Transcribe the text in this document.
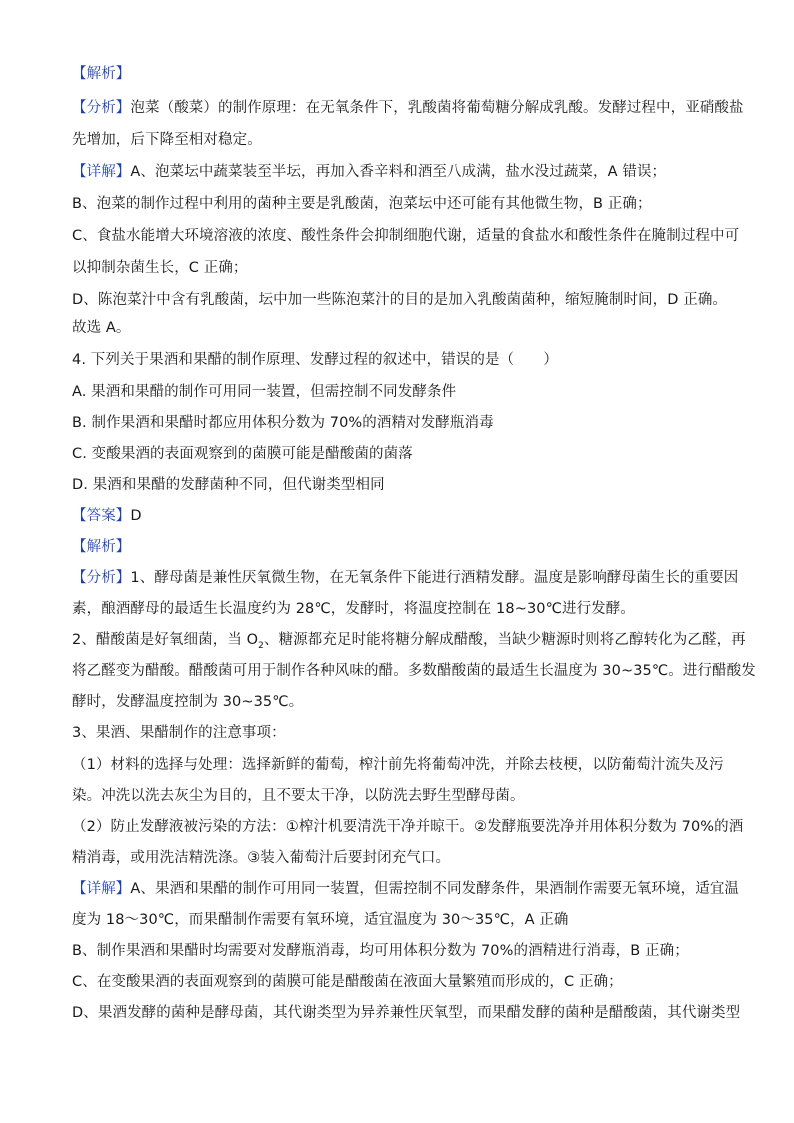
【解析】
【分析】泡菜（酸菜）的制作原理：在无氧条件下，乳酸菌将葡萄糖分解成乳酸。发酵过程中，亚硝酸盐
先增加，后下降至相对稳定。
【详解】A、泡菜坛中蔬菜装至半坛，再加入香辛料和酒至八成满，盐水没过蔬菜，A 错误；
B、泡菜的制作过程中利用的菌种主要是乳酸菌，泡菜坛中还可能有其他微生物，B 正确；
C、食盐水能增大环境溶液的浓度、酸性条件会抑制细胞代谢，适量的食盐水和酸性条件在腌制过程中可
以抑制杂菌生长，C 正确；
D、陈泡菜汁中含有乳酸菌，坛中加一些陈泡菜汁的目的是加入乳酸菌菌种，缩短腌制时间，D 正确。
故选 A。
4. 下列关于果酒和果醋的制作原理、发酵过程的叙述中，错误的是（　　）
A. 果酒和果醋的制作可用同一装置，但需控制不同发酵条件
B. 制作果酒和果醋时都应用体积分数为 70%的酒精对发酵瓶消毒
C. 变酸果酒的表面观察到的菌膜可能是醋酸菌的菌落
D. 果酒和果醋的发酵菌种不同，但代谢类型相同
【答案】D
【解析】
【分析】1、酵母菌是兼性厌氧微生物，在无氧条件下能进行酒精发酵。温度是影响酵母菌生长的重要因
素，酿酒酵母的最适生长温度约为 28℃，发酵时，将温度控制在 18~30℃进行发酵。
2、醋酸菌是好氧细菌，当 $O_2$、糖源都充足时能将糖分解成醋酸，当缺少糖源时则将乙醇转化为乙醛，再
将乙醛变为醋酸。醋酸菌可用于制作各种风味的醋。多数醋酸菌的最适生长温度为 30~35℃。进行醋酸发
酵时，发酵温度控制为 30~35℃。
3、果酒、果醋制作的注意事项：
（1）材料的选择与处理：选择新鲜的葡萄，榨汁前先将葡萄冲洗，并除去枝梗，以防葡萄汁流失及污
染。冲洗以洗去灰尘为目的，且不要太干净，以防洗去野生型酵母菌。
（2）防止发酵液被污染的方法：①榨汁机要清洗干净并晾干。②发酵瓶要洗净并用体积分数为 70%的酒
精消毒，或用洗洁精洗涤。③装入葡萄汁后要封闭充气口。
【详解】A、果酒和果醋的制作可用同一装置，但需控制不同发酵条件，果酒制作需要无氧环境，适宜温
度为 18～30℃，而果醋制作需要有氧环境，适宜温度为 30～35℃，A 正确
B、制作果酒和果醋时均需要对发酵瓶消毒，均可用体积分数为 70%的酒精进行消毒，B 正确；
C、在变酸果酒的表面观察到的菌膜可能是醋酸菌在液面大量繁殖而形成的，C 正确；
D、果酒发酵的菌种是酵母菌，其代谢类型为异养兼性厌氧型，而果醋发酵的菌种是醋酸菌，其代谢类型
